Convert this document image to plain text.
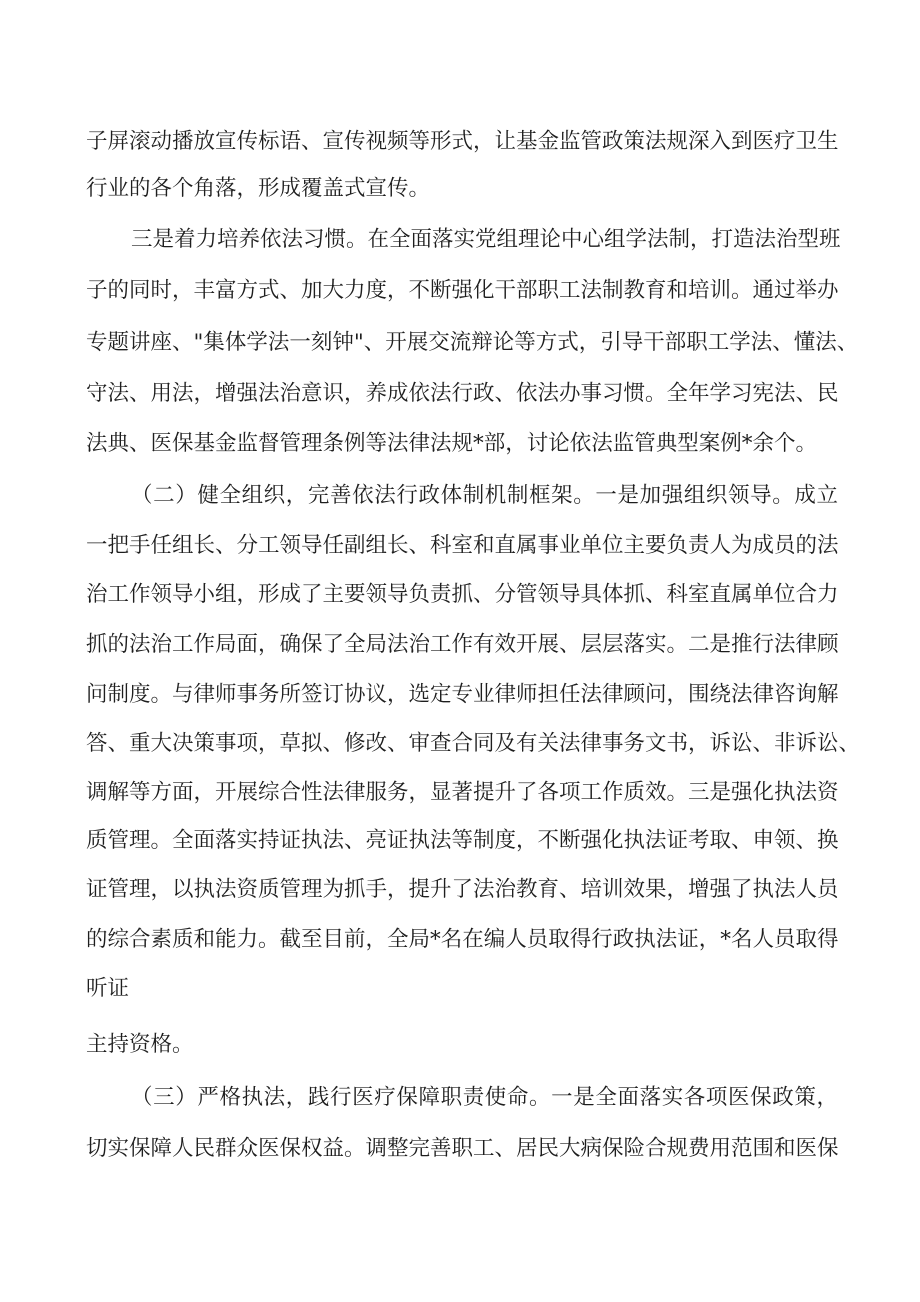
子屏滚动播放宣传标语、宣传视频等形式，让基金监管政策法规深入到医疗卫生
行业的各个角落，形成覆盖式宣传。
三是着力培养依法习惯。在全面落实党组理论中心组学法制，打造法治型班
子的同时，丰富方式、加大力度，不断强化干部职工法制教育和培训。通过举办
专题讲座、"集体学法一刻钟"、开展交流辩论等方式，引导干部职工学法、懂法、
守法、用法，增强法治意识，养成依法行政、依法办事习惯。全年学习宪法、民
法典、医保基金监督管理条例等法律法规*部，讨论依法监管典型案例*余个。
（二）健全组织，完善依法行政体制机制框架。一是加强组织领导。成立
一把手任组长、分工领导任副组长、科室和直属事业单位主要负责人为成员的法
治工作领导小组，形成了主要领导负责抓、分管领导具体抓、科室直属单位合力
抓的法治工作局面，确保了全局法治工作有效开展、层层落实。二是推行法律顾
问制度。与律师事务所签订协议，选定专业律师担任法律顾问，围绕法律咨询解
答、重大决策事项，草拟、修改、审查合同及有关法律事务文书，诉讼、非诉讼、
调解等方面，开展综合性法律服务，显著提升了各项工作质效。三是强化执法资
质管理。全面落实持证执法、亮证执法等制度，不断强化执法证考取、申领、换
证管理，以执法资质管理为抓手，提升了法治教育、培训效果，增强了执法人员
的综合素质和能力。截至目前，全局*名在编人员取得行政执法证，*名人员取得
听证
主持资格。
（三）严格执法，践行医疗保障职责使命。一是全面落实各项医保政策，
切实保障人民群众医保权益。调整完善职工、居民大病保险合规费用范围和医保
